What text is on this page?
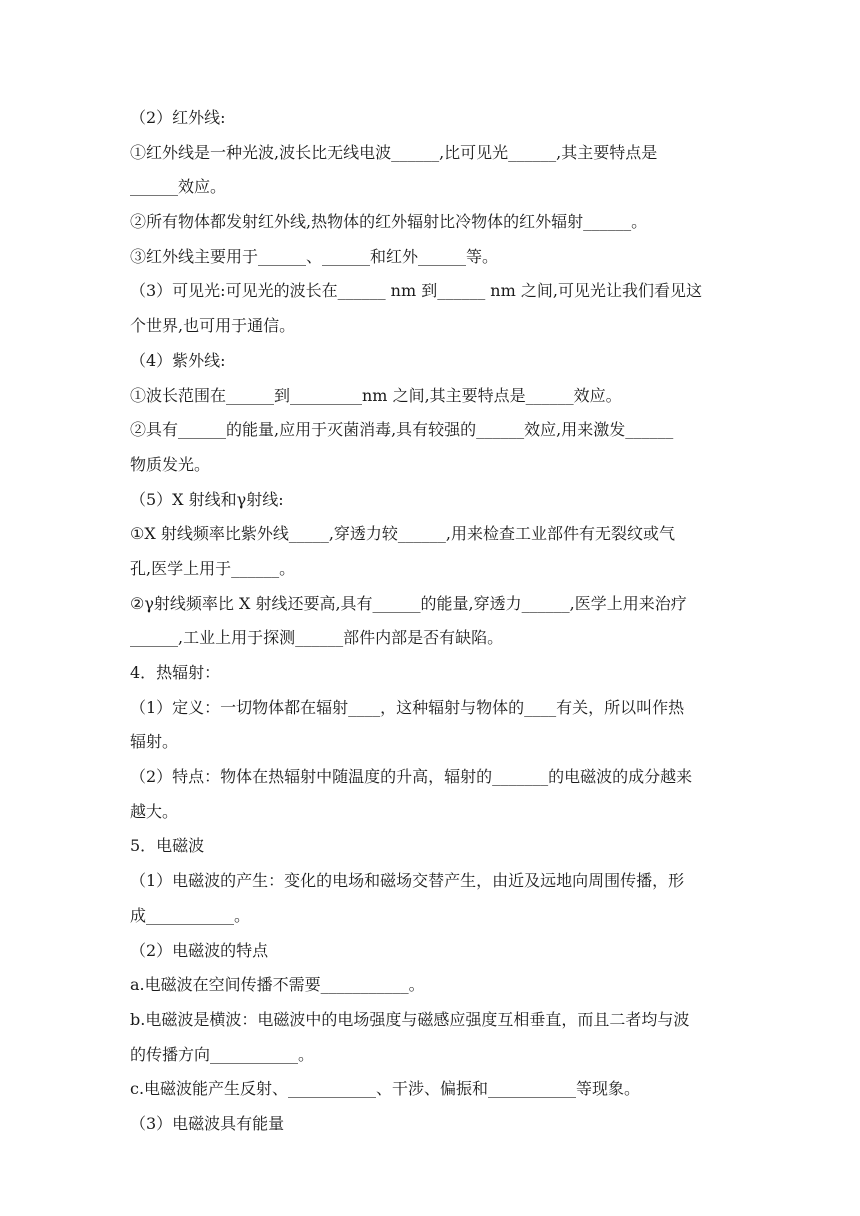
（2）红外线:
①红外线是一种光波,波长比无线电波______,比可见光______,其主要特点是
______效应。
②所有物体都发射红外线,热物体的红外辐射比冷物体的红外辐射______。
③红外线主要用于______、______和红外______等。
（3）可见光:可见光的波长在______ nm 到______ nm 之间,可见光让我们看见这
个世界,也可用于通信。
（4）紫外线:
①波长范围在______到_________nm 之间,其主要特点是______效应。
②具有______的能量,应用于灭菌消毒,具有较强的______效应,用来激发______
物质发光。
（5）X 射线和γ射线:
①X 射线频率比紫外线_____,穿透力较______,用来检查工业部件有无裂纹或气
孔,医学上用于______。
②γ射线频率比 X 射线还要高,具有______的能量,穿透力______,医学上用来治疗
______,工业上用于探测______部件内部是否有缺陷。
4．热辐射：
（1）定义：一切物体都在辐射____，这种辐射与物体的____有关，所以叫作热
辐射。
（2）特点：物体在热辐射中随温度的升高，辐射的_______的电磁波的成分越来
越大。
5．电磁波
（1）电磁波的产生：变化的电场和磁场交替产生，由近及远地向周围传播，形
成___________。
（2）电磁波的特点
a.电磁波在空间传播不需要___________。
b.电磁波是横波：电磁波中的电场强度与磁感应强度互相垂直，而且二者均与波
的传播方向___________。
c.电磁波能产生反射、___________、干涉、偏振和___________等现象。
（3）电磁波具有能量
